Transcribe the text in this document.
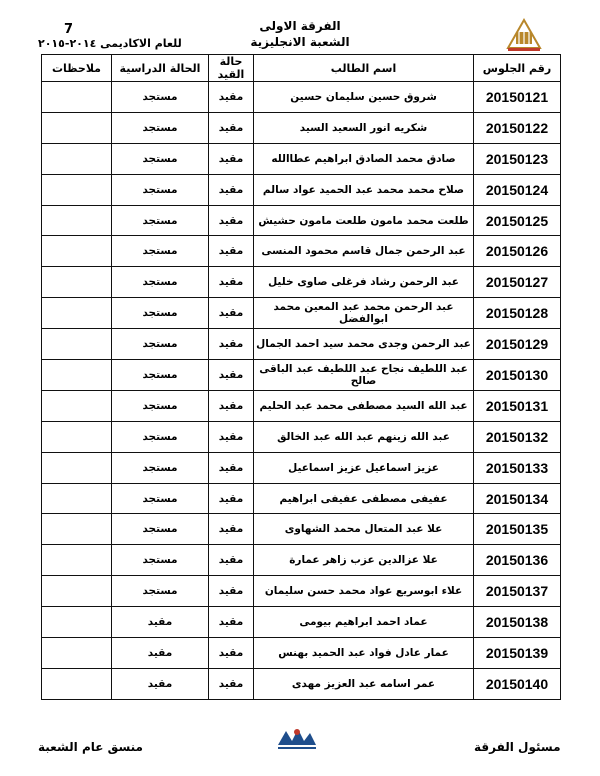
7	الفرقة الاولى
الشعبة الانجليزية
للعام الاكاديمى ٢٠١٤-٢٠١٥
رقم الجلوس	اسم الطالب	حالة القيد	الحالة الدراسية	ملاحظات
20150121	شروق حسين سليمان حسين	مقيد	مستجد	
20150122	شكريه انور السعيد السيد	مقيد	مستجد	
20150123	صادق محمد الصادق ابراهيم عطاالله	مقيد	مستجد	
20150124	صلاح محمد محمد عبد الحميد عواد سالم	مقيد	مستجد	
20150125	طلعت محمد مامون طلعت مامون حشيش	مقيد	مستجد	
20150126	عبد الرحمن جمال قاسم محمود المنسى	مقيد	مستجد	
20150127	عبد الرحمن رشاد فرغلى صاوى خليل	مقيد	مستجد	
20150128	عبد الرحمن محمد عبد المعين محمد ابوالفضل	مقيد	مستجد	
20150129	عبد الرحمن وجدى محمد سيد احمد الجمال	مقيد	مستجد	
20150130	عبد اللطيف نجاح عبد اللطيف عبد الباقى صالح	مقيد	مستجد	
20150131	عبد الله السيد مصطفى محمد عبد الحليم	مقيد	مستجد	
20150132	عبد الله زينهم عبد الله عبد الخالق	مقيد	مستجد	
20150133	عزيز اسماعيل عزيز اسماعيل	مقيد	مستجد	
20150134	عفيفى مصطفى عفيفى ابراهيم	مقيد	مستجد	
20150135	علا عبد المتعال محمد الشهاوى	مقيد	مستجد	
20150136	علا عزالدين عزب زاهر عمارة	مقيد	مستجد	
20150137	علاء ابوسريع عواد محمد حسن سليمان	مقيد	مستجد	
20150138	عماد احمد ابراهيم بيومى	مقيد	مقيد	
20150139	عمار عادل فواد عبد الحميد بهنس	مقيد	مقيد	
20150140	عمر اسامه عبد العزيز مهدى	مقيد	مقيد	
مسئول الفرقة
منسق عام الشعبة
